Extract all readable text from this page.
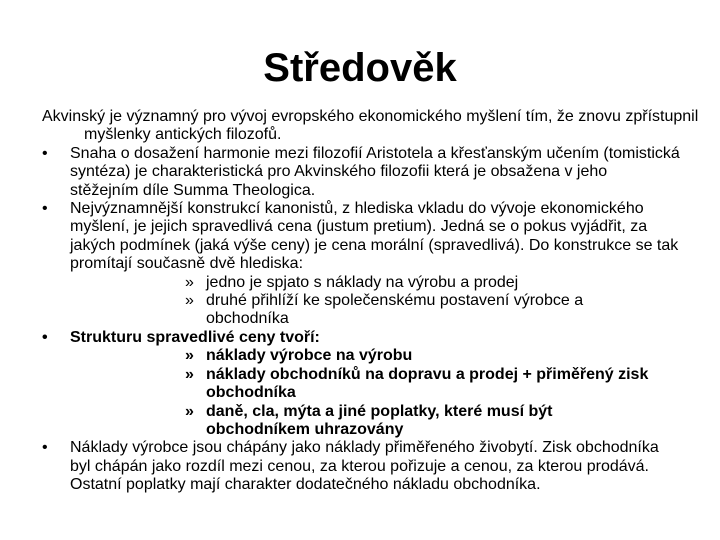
Středověk

Akvinský je významný pro vývoj evropského ekonomického myšlení tím, že znovu zpřístupnil myšlenky antických filozofů.

• Snaha o dosažení harmonie mezi filozofií Aristotela a křesťanským učením (tomistická syntéza) je charakteristická pro Akvinského filozofii která je obsažena v jeho stěžejním díle Summa Theologica.
• Nejvýznamnější konstrukcí kanonistů, z hlediska vkladu do vývoje ekonomického myšlení, je jejich spravedlivá cena (justum pretium). Jedná se o pokus vyjádřit, za jakých podmínek (jaká výše ceny) je cena morální (spravedlivá). Do konstrukce se tak promítají současně dvě hlediska:
» jedno je spjato s náklady na výrobu a prodej
» druhé přihlíží ke společenskému postavení výrobce a obchodníka
• Strukturu spravedlivé ceny tvoří:
» náklady výrobce na výrobu
» náklady obchodníků na dopravu a prodej + přiměřený zisk obchodníka
» daně, cla, mýta a jiné poplatky, které musí být obchodníkem uhrazovány
• Náklady výrobce jsou chápány jako náklady přiměřeného živobytí. Zisk obchodníka byl chápán jako rozdíl mezi cenou, za kterou pořizuje a cenou, za kterou prodává. Ostatní poplatky mají charakter dodatečného nákladu obchodníka.
